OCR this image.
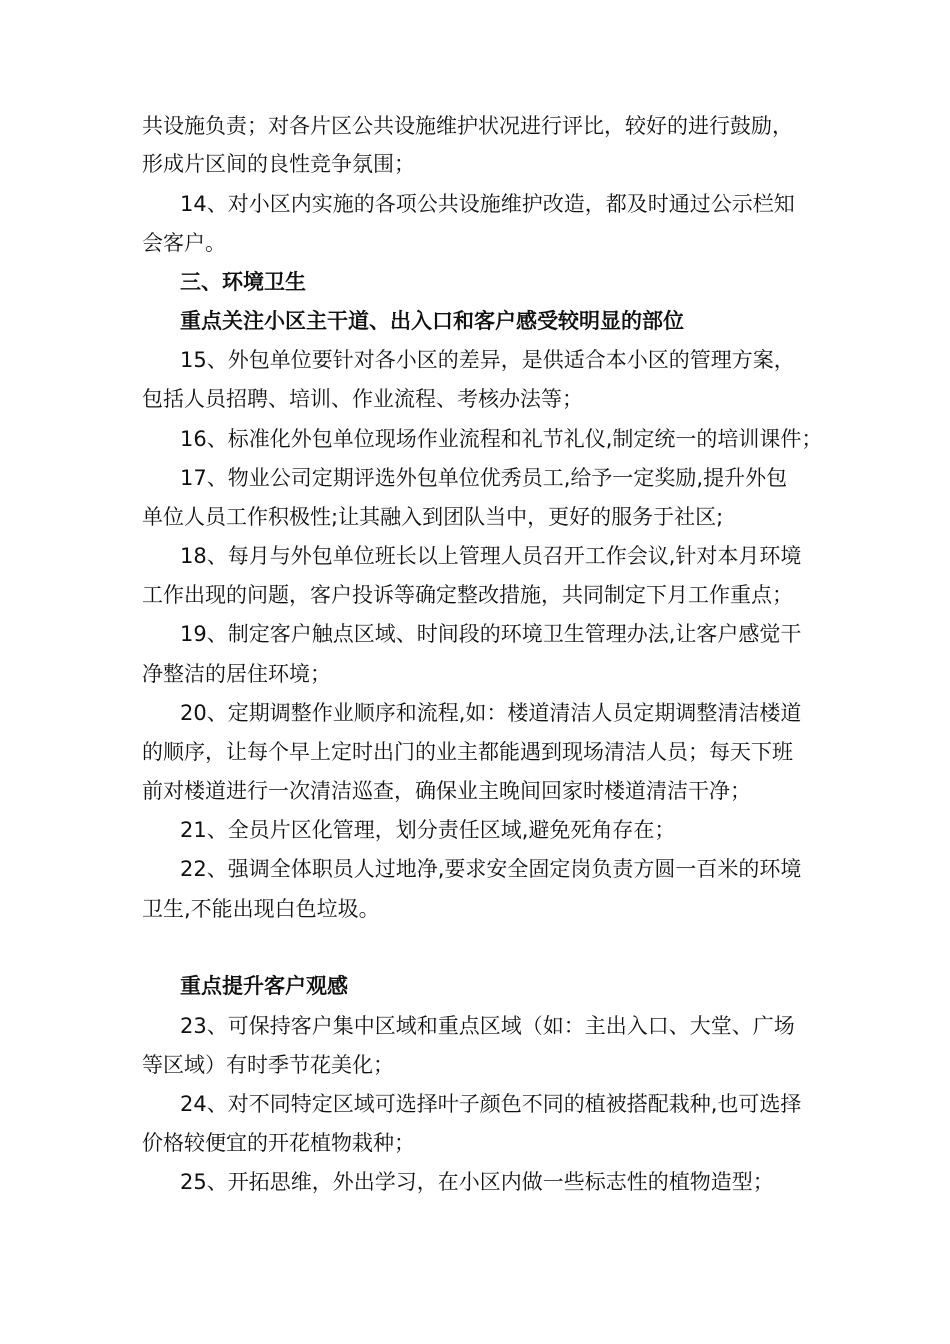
共设施负责；对各片区公共设施维护状况进行评比，较好的进行鼓励，
形成片区间的良性竞争氛围；
14、对小区内实施的各项公共设施维护改造，都及时通过公示栏知
会客户。
三、环境卫生
重点关注小区主干道、出入口和客户感受较明显的部位
15、外包单位要针对各小区的差异，是供适合本小区的管理方案，
包括人员招聘、培训、作业流程、考核办法等；
16、标准化外包单位现场作业流程和礼节礼仪,制定统一的培训课件；
17、物业公司定期评选外包单位优秀员工,给予一定奖励,提升外包
单位人员工作积极性;让其融入到团队当中，更好的服务于社区;
18、每月与外包单位班长以上管理人员召开工作会议,针对本月环境
工作出现的问题，客户投诉等确定整改措施，共同制定下月工作重点；
19、制定客户触点区域、时间段的环境卫生管理办法,让客户感觉干
净整洁的居住环境；
20、定期调整作业顺序和流程,如：楼道清洁人员定期调整清洁楼道
的顺序，让每个早上定时出门的业主都能遇到现场清洁人员；每天下班
前对楼道进行一次清洁巡查，确保业主晚间回家时楼道清洁干净；
21、全员片区化管理，划分责任区域,避免死角存在；
22、强调全体职员人过地净,要求安全固定岗负责方圆一百米的环境
卫生,不能出现白色垃圾。
重点提升客户观感
23、可保持客户集中区域和重点区域（如：主出入口、大堂、广场
等区域）有时季节花美化；
24、对不同特定区域可选择叶子颜色不同的植被搭配栽种,也可选择
价格较便宜的开花植物栽种；
25、开拓思维，外出学习，在小区内做一些标志性的植物造型；
